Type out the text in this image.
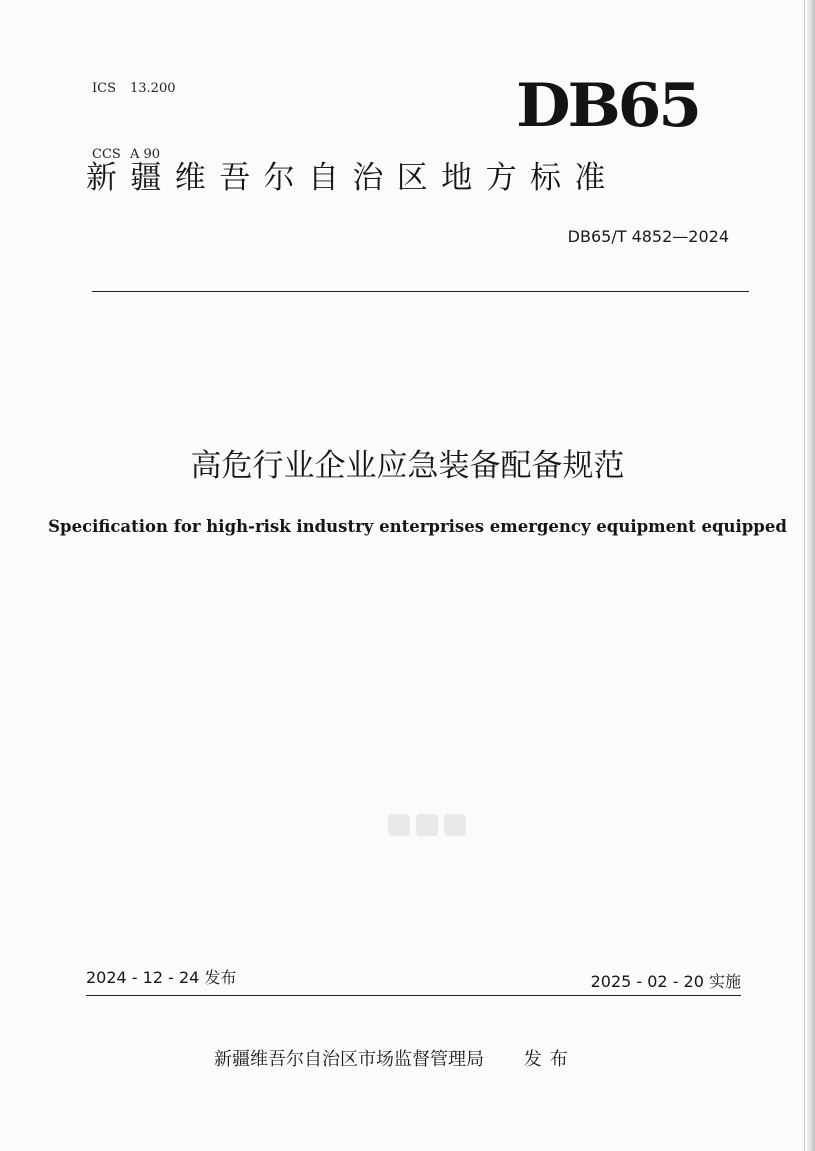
ICS 13.200

CCS A 90

DB65
新疆维吾尔自治区地方标准
DB65/T 4852—2024
高危行业企业应急装备配备规范
Specification for high-risk industry enterprises emergency equipment equipped
2024 - 12 - 24 发布	2025 - 02 - 20 实施
新疆维吾尔自治区市场监督管理局 发布
